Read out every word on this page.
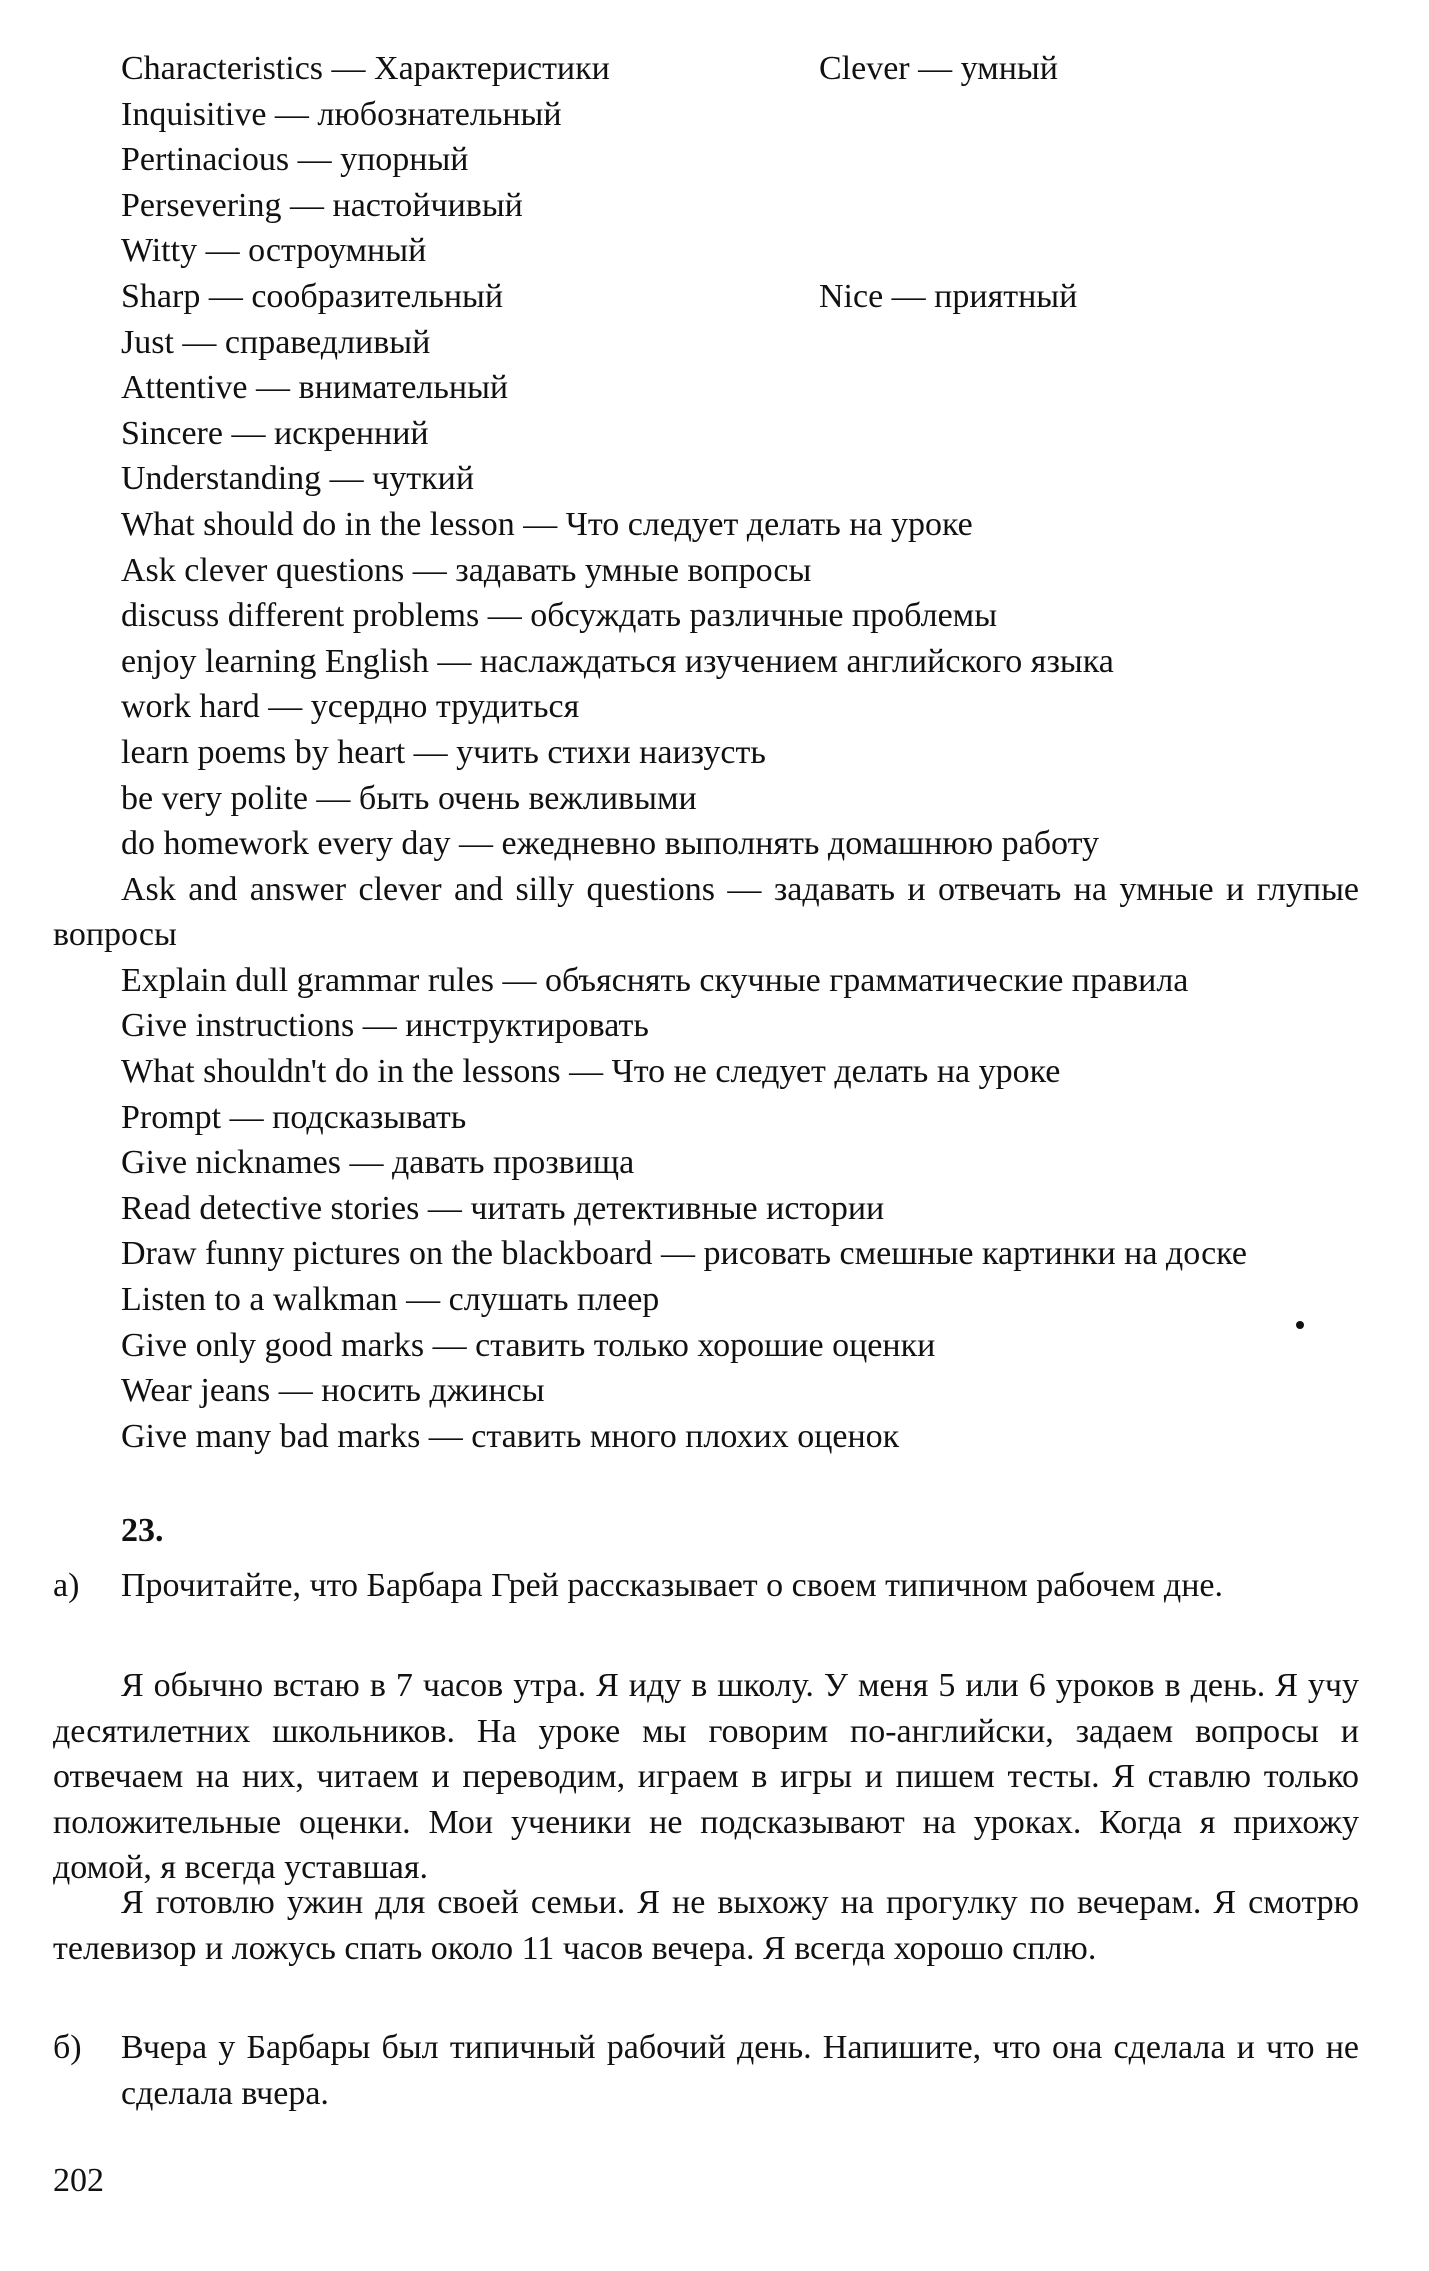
Characteristics — Характеристики	Clever — умный
Inquisitive — любознательный
Pertinacious — упорный
Persevering — настойчивый
Witty — остроумный
Sharp — сообразительный	Nice — приятный
Just — справедливый
Attentive — внимательный
Sincere — искренний
Understanding — чуткий
What should do in the lesson — Что следует делать на уроке
Ask clever questions — задавать умные вопросы
discuss different problems — обсуждать различные проблемы
enjoy learning English — наслаждаться изучением английского языка
work hard — усердно трудиться
learn poems by heart — учить стихи наизусть
be very polite — быть очень вежливыми
do homework every day — ежедневно выполнять домашнюю работу
Ask and answer clever and silly questions — задавать и отвечать на умные и глупые вопросы
Explain dull grammar rules — объяснять скучные грамматические правила
Give instructions — инструктировать
What shouldn't do in the lessons — Что не следует делать на уроке
Prompt — подсказывать
Give nicknames — давать прозвища
Read detective stories — читать детективные истории
Draw funny pictures on the blackboard — рисовать смешные картинки на доске
Listen to a walkman — слушать плеер
Give only good marks — ставить только хорошие оценки
Wear jeans — носить джинсы
Give many bad marks — ставить много плохих оценок
23.
а)	Прочитайте, что Барбара Грей рассказывает о своем типичном рабочем дне.
Я обычно встаю в 7 часов утра. Я иду в школу. У меня 5 или 6 уроков в день. Я учу десятилетних школьников. На уроке мы говорим по-английски, задаем вопросы и отвечаем на них, читаем и переводим, играем в игры и пишем тесты. Я ставлю только положительные оценки. Мои ученики не подсказывают на уроках. Когда я прихожу домой, я всегда уставшая.
Я готовлю ужин для своей семьи. Я не выхожу на прогулку по вечерам. Я смотрю телевизор и ложусь спать около 11 часов вечера. Я всегда хорошо сплю.
б)	Вчера у Барбары был типичный рабочий день. Напишите, что она сделала и что не сделала вчера.
202
